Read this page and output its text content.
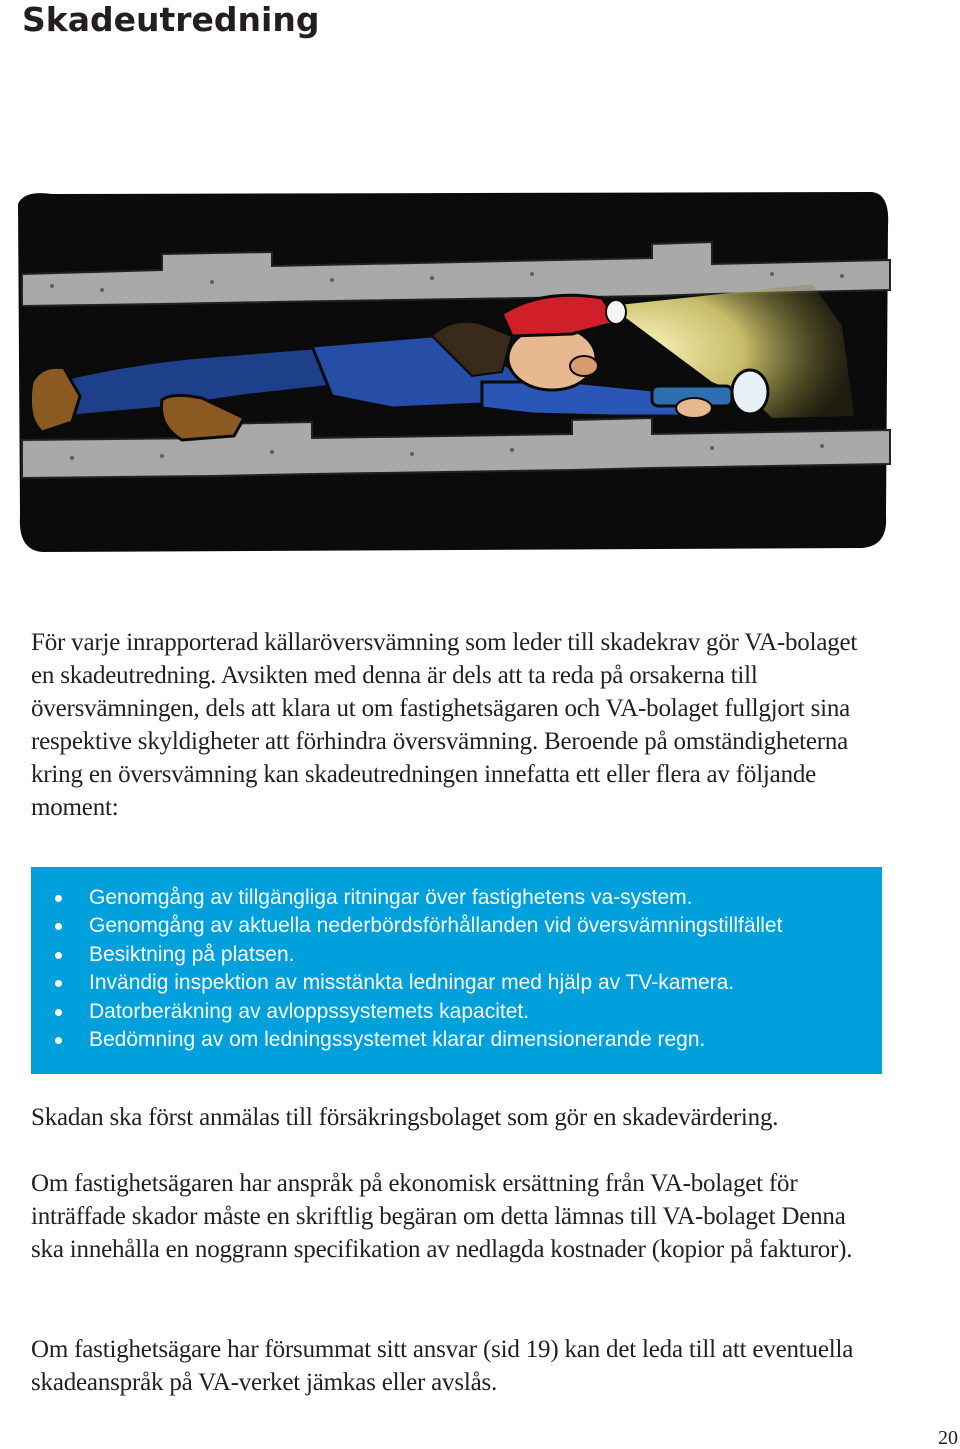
Skadeutredning

För varje inrapporterad källaröversvämning som leder till skadekrav gör VA-bolaget en skadeutredning. Avsikten med denna är dels att ta reda på orsakerna till översvämningen, dels att klara ut om fastighetsägaren och VA-bolaget fullgjort sina respektive skyldigheter att förhindra översvämning. Beroende på omständigheterna kring en översvämning kan skadeutredningen innefatta ett eller flera av följande moment:

Genomgång av tillgängliga ritningar över fastighetens va-system.
Genomgång av aktuella nederbördsförhållanden vid översvämningstillfället
Besiktning på platsen.
Invändig inspektion av misstänkta ledningar med hjälp av TV-kamera.
Datorberäkning av avloppssystemets kapacitet.
Bedömning av om ledningssystemet klarar dimensionerande regn.

Skadan ska först anmälas till försäkringsbolaget som gör en skadevärdering.

Om fastighetsägaren har anspråk på ekonomisk ersättning från VA-bolaget för inträffade skador måste en skriftlig begäran om detta lämnas till VA-bolaget Denna ska innehålla en noggrann specifikation av nedlagda kostnader (kopior på fakturor).

Om fastighetsägare har försummat sitt ansvar (sid 19) kan det leda till att eventuella skadeanspråk på VA-verket jämkas eller avslås.

20
